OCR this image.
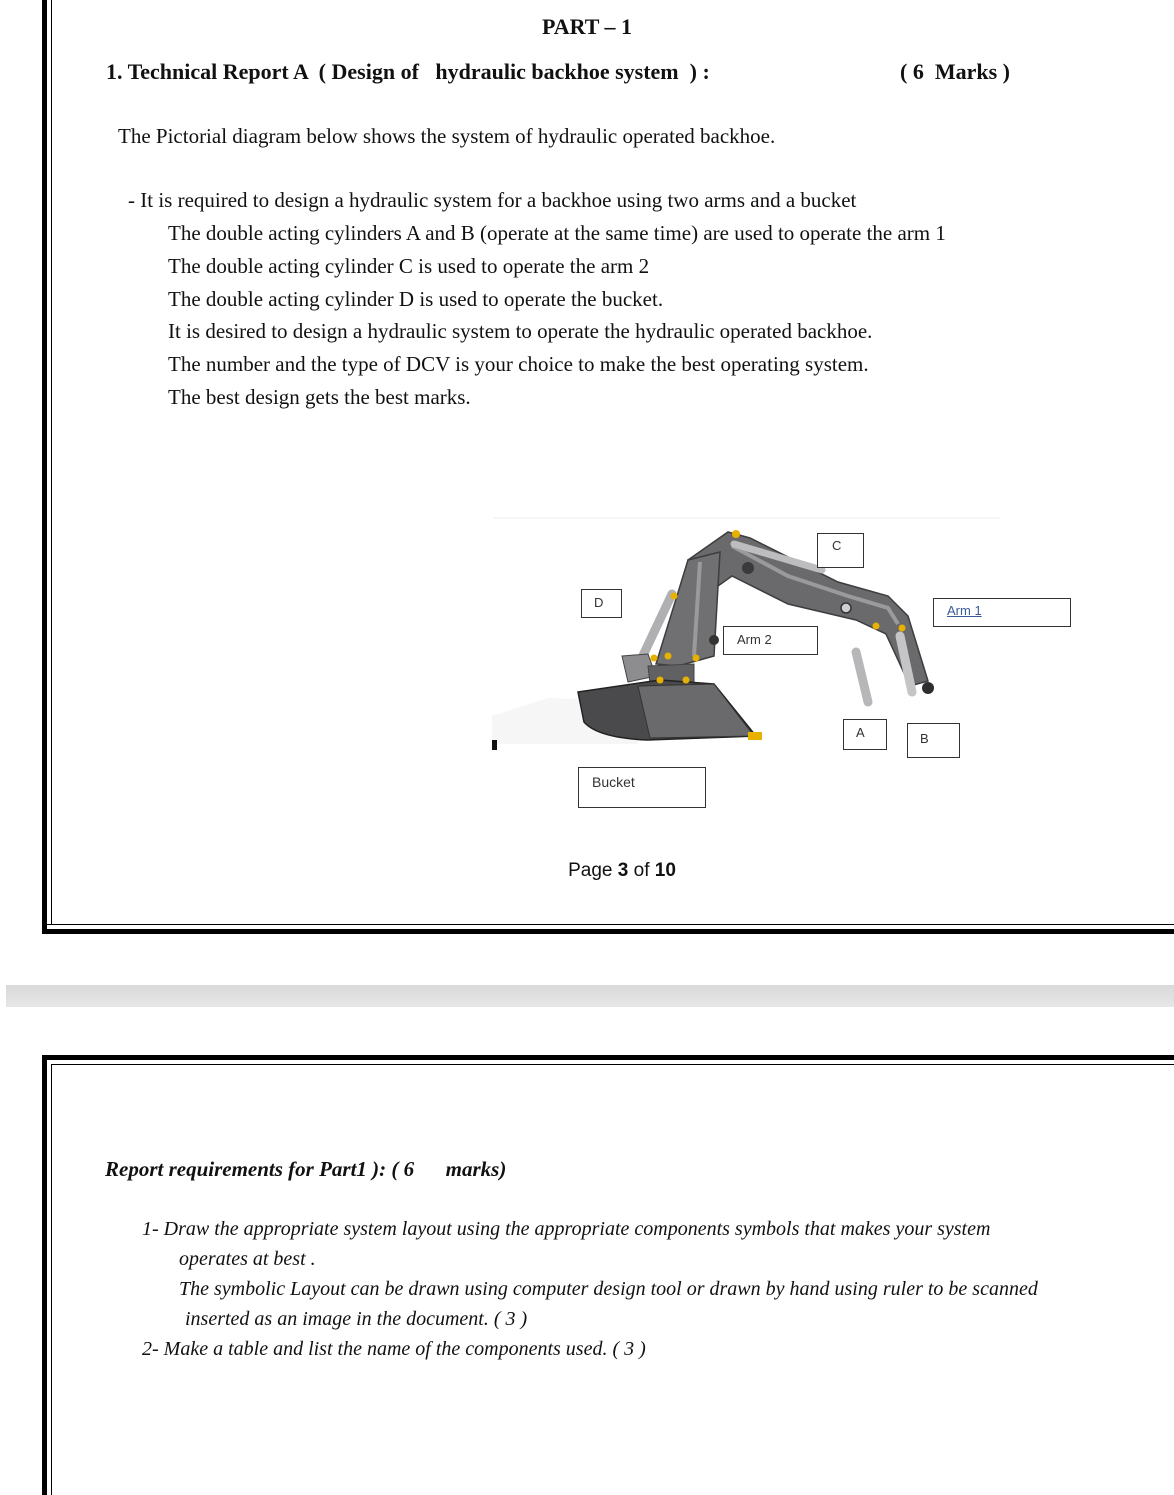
PART – 1
1. Technical Report A  ( Design of   hydraulic backhoe system  ) :	( 6  Marks )
The Pictorial diagram below shows the system of hydraulic operated backhoe.
- It is required to design a hydraulic system for a backhoe using two arms and a bucket
The double acting cylinders A and B (operate at the same time) are used to operate the arm 1
The double acting cylinder C is used to operate the arm 2
The double acting cylinder D is used to operate the bucket.
It is desired to design a hydraulic system to operate the hydraulic operated backhoe.
The number and the type of DCV is your choice to make the best operating system.
The best design gets the best marks.
C
D
Arm 1
Arm 2
A	B
Bucket
Page 3 of 10
Report requirements for Part1 ): ( 6      marks)
1- Draw the appropriate system layout using the appropriate components symbols that makes your system
operates at best .
The symbolic Layout can be drawn using computer design tool or drawn by hand using ruler to be scanned
inserted as an image in the document. ( 3 )
2- Make a table and list the name of the components used. ( 3 )
